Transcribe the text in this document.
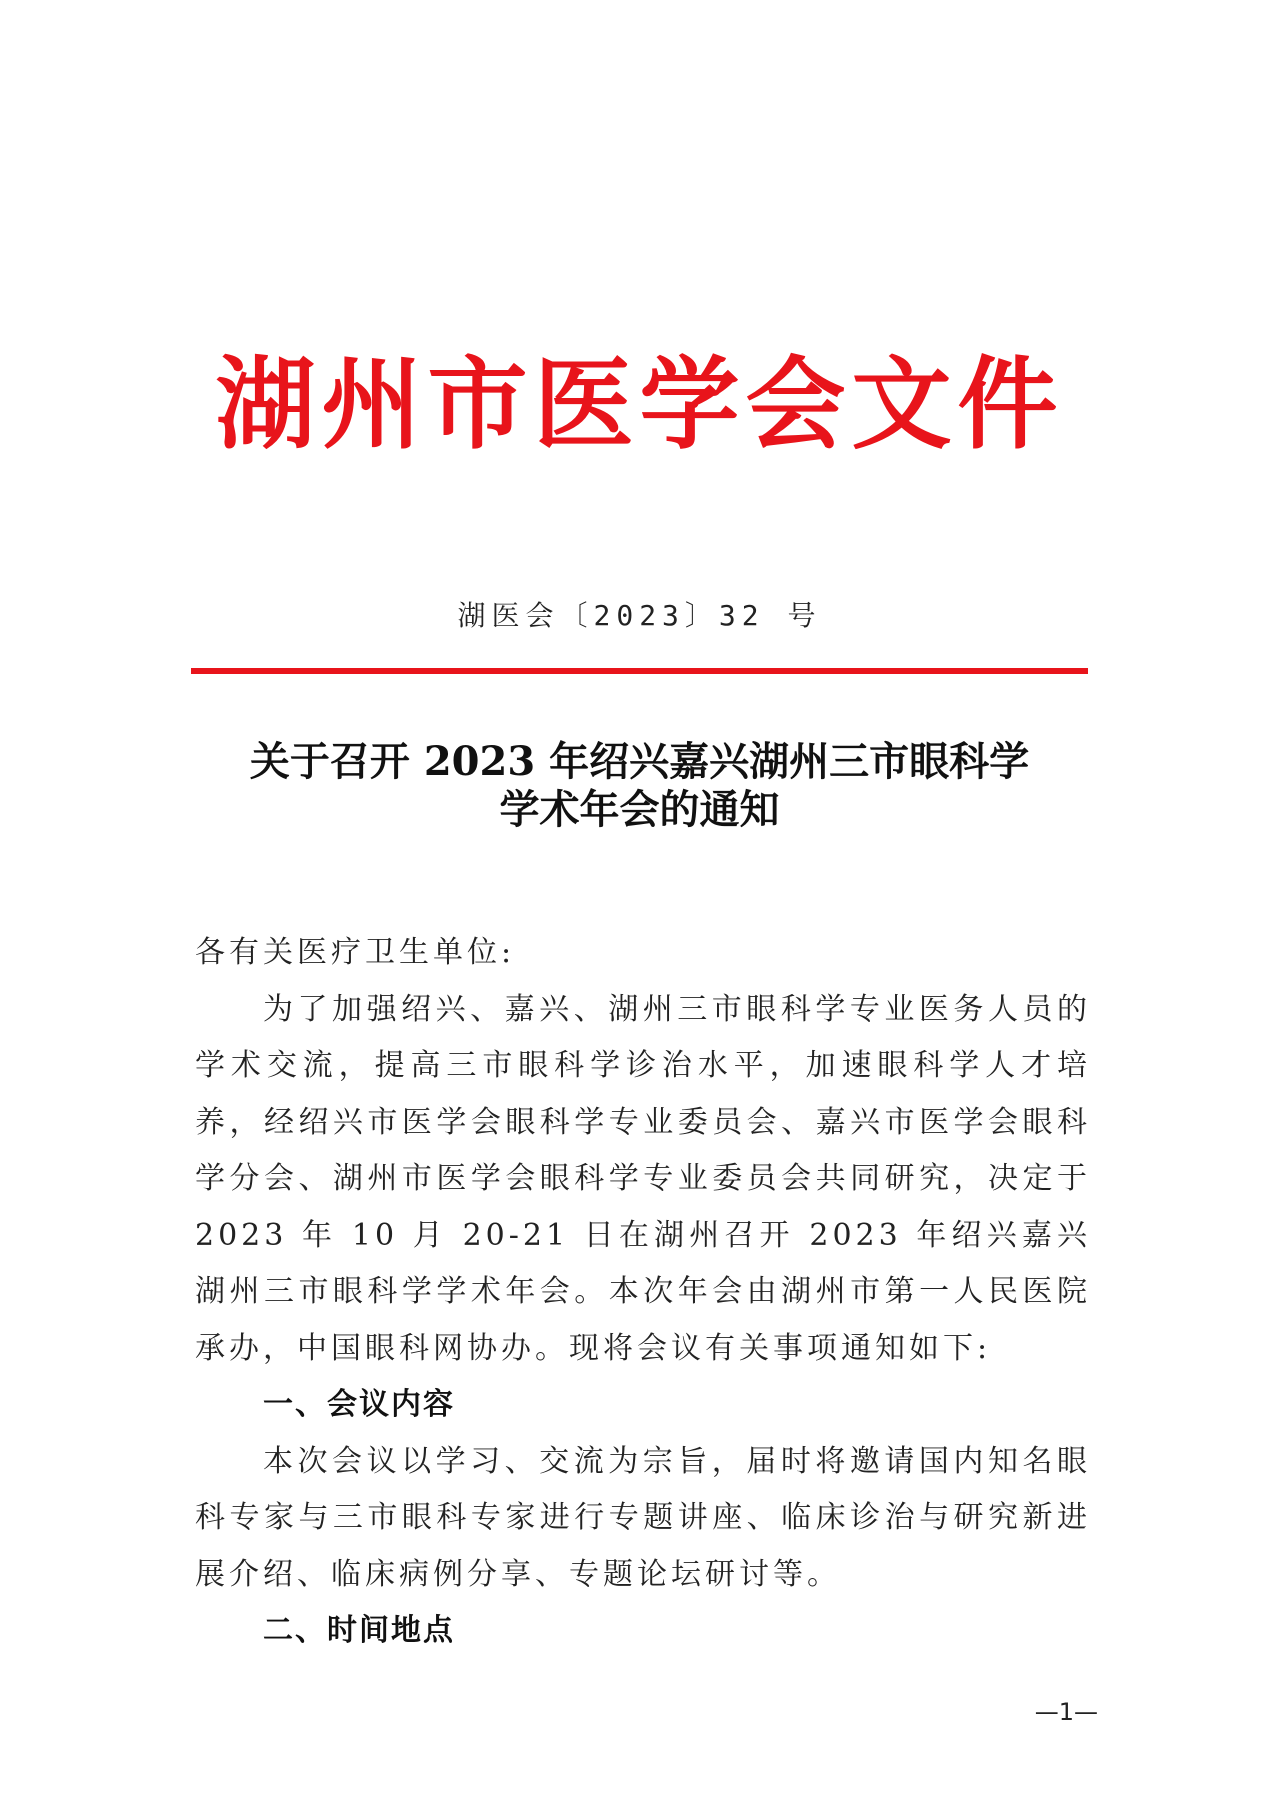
湖州市医学会文件
湖医会〔2023〕32 号
关于召开 2023 年绍兴嘉兴湖州三市眼科学
学术年会的通知

各有关医疗卫生单位:

为了加强绍兴、嘉兴、湖州三市眼科学专业医务人员的学术交流，提高三市眼科学诊治水平，加速眼科学人才培养，经绍兴市医学会眼科学专业委员会、嘉兴市医学会眼科学分会、湖州市医学会眼科学专业委员会共同研究，决定于 2023 年 10 月 20-21 日在湖州召开 2023 年绍兴嘉兴湖州三市眼科学学术年会。本次年会由湖州市第一人民医院承办，中国眼科网协办。现将会议有关事项通知如下:

一、会议内容

本次会议以学习、交流为宗旨，届时将邀请国内知名眼科专家与三市眼科专家进行专题讲座、临床诊治与研究新进展介绍、临床病例分享、专题论坛研讨等。

二、时间地点

—1—
